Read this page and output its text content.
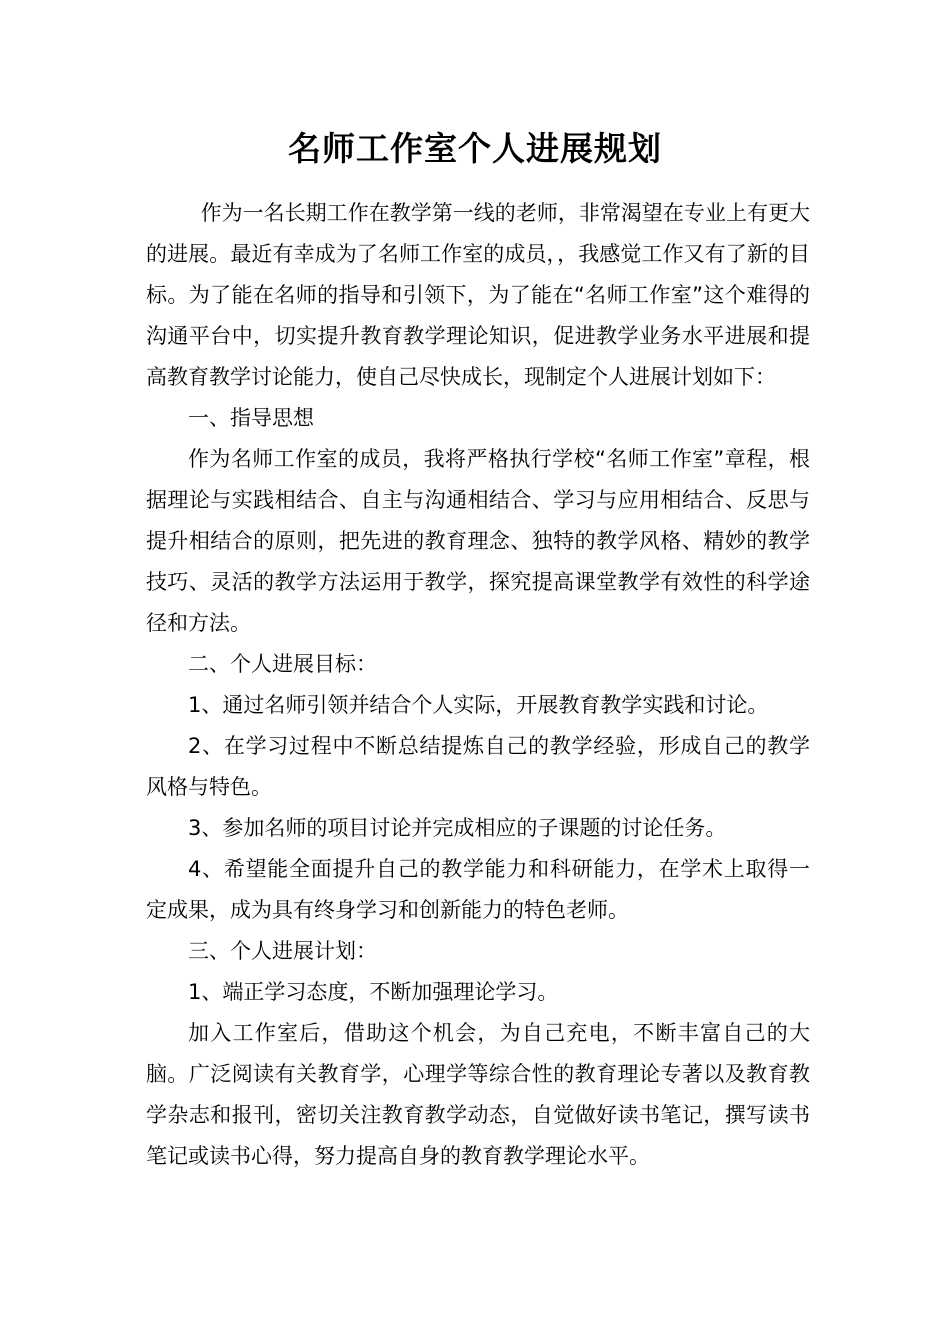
名师工作室个人进展规划

作为一名长期工作在教学第一线的老师，非常渴望在专业上有更大的进展。最近有幸成为了名师工作室的成员，，我感觉工作又有了新的目标。为了能在名师的指导和引领下，为了能在“名师工作室”这个难得的沟通平台中，切实提升教育教学理论知识，促进教学业务水平进展和提高教育教学讨论能力，使自己尽快成长，现制定个人进展计划如下：

一、指导思想

作为名师工作室的成员，我将严格执行学校“名师工作室”章程，根据理论与实践相结合、自主与沟通相结合、学习与应用相结合、反思与提升相结合的原则，把先进的教育理念、独特的教学风格、精妙的教学技巧、灵活的教学方法运用于教学，探究提高课堂教学有效性的科学途径和方法。

二、个人进展目标：

1、通过名师引领并结合个人实际，开展教育教学实践和讨论。

2、在学习过程中不断总结提炼自己的教学经验，形成自己的教学风格与特色。

3、参加名师的项目讨论并完成相应的子课题的讨论任务。

4、希望能全面提升自己的教学能力和科研能力，在学术上取得一定成果，成为具有终身学习和创新能力的特色老师。

三、个人进展计划：

1、端正学习态度，不断加强理论学习。

加入工作室后，借助这个机会，为自己充电，不断丰富自己的大脑。广泛阅读有关教育学，心理学等综合性的教育理论专著以及教育教学杂志和报刊，密切关注教育教学动态，自觉做好读书笔记，撰写读书笔记或读书心得，努力提高自身的教育教学理论水平。
